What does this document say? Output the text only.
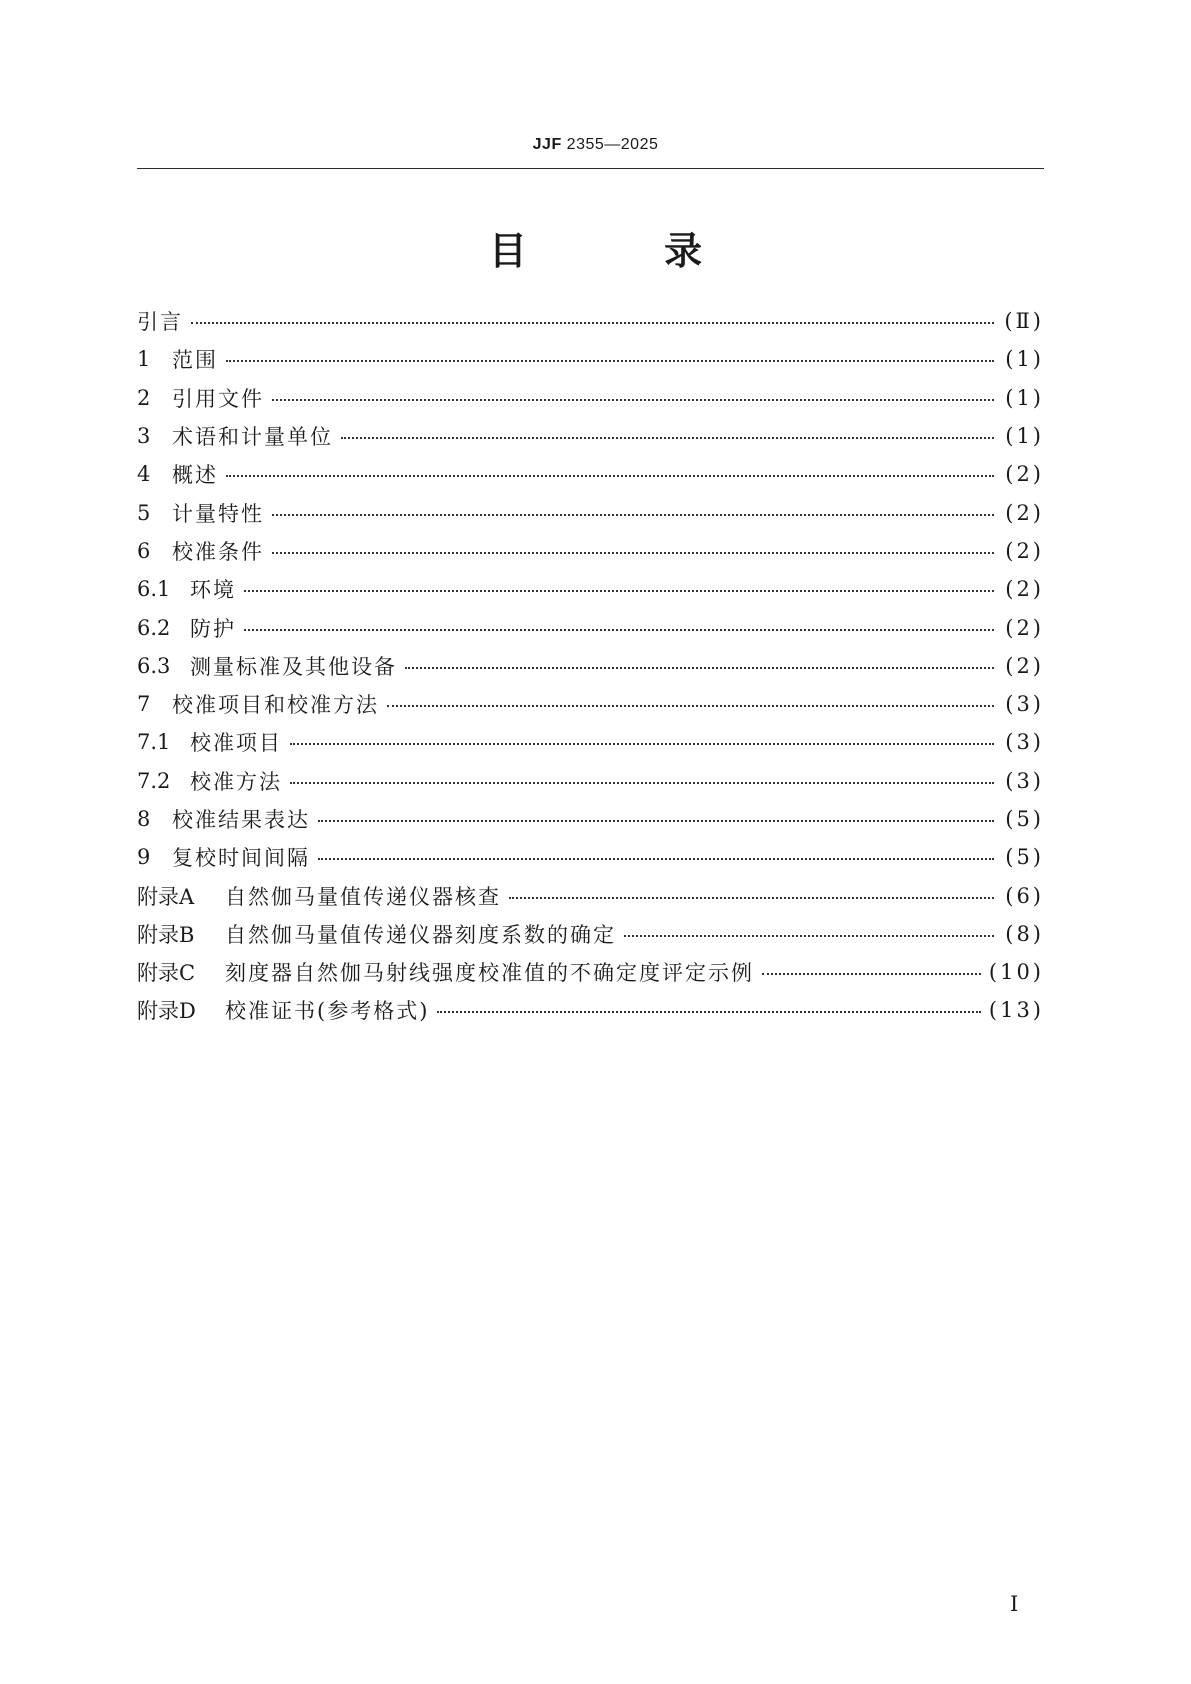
JJF 2355—2025
目 录
引言	(Ⅱ)
1	范围	(1)
2	引用文件	(1)
3	术语和计量单位	(1)
4	概述	(2)
5	计量特性	(2)
6	校准条件	(2)
6.1 环境	(2)
6.2 防护	(2)
6.3 测量标准及其他设备	(2)
7	校准项目和校准方法	(3)
7.1 校准项目	(3)
7.2 校准方法	(3)
8	校准结果表达	(5)
9	复校时间间隔	(5)
附录A	自然伽马量值传递仪器核查	(6)
附录B	自然伽马量值传递仪器刻度系数的确定	(8)
附录C	刻度器自然伽马射线强度校准值的不确定度评定示例	(10)
附录D	校准证书(参考格式)	(13)
I
